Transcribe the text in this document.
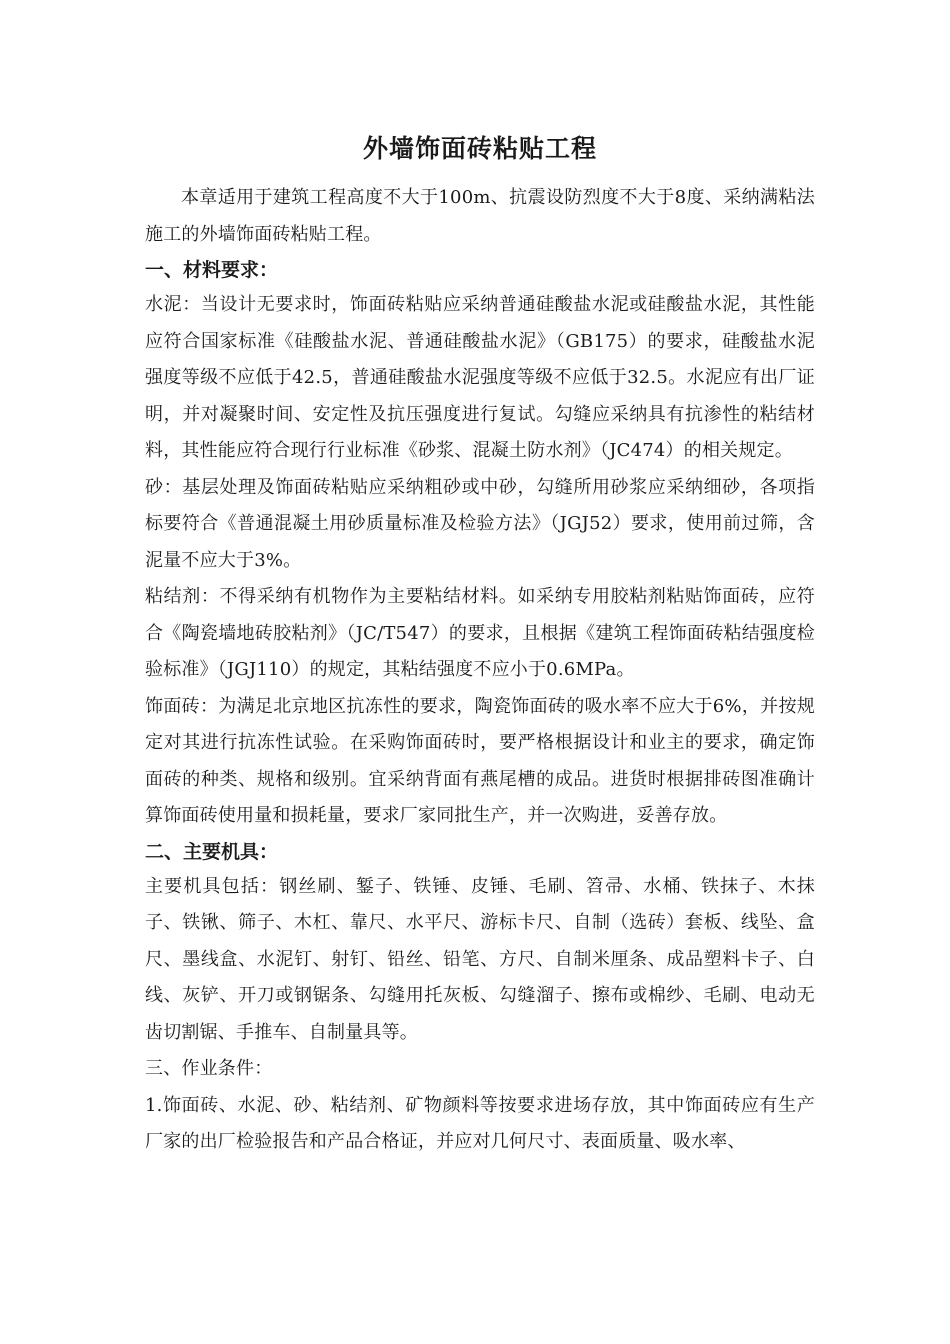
外墙饰面砖粘贴工程

本章适用于建筑工程高度不大于100m、抗震设防烈度不大于8度、采纳满粘法施工的外墙饰面砖粘贴工程。

一、材料要求：

水泥：当设计无要求时，饰面砖粘贴应采纳普通硅酸盐水泥或硅酸盐水泥，其性能应符合国家标准《硅酸盐水泥、普通硅酸盐水泥》（GB175）的要求，硅酸盐水泥强度等级不应低于42.5，普通硅酸盐水泥强度等级不应低于32.5。水泥应有出厂证明，并对凝聚时间、安定性及抗压强度进行复试。勾缝应采纳具有抗渗性的粘结材料，其性能应符合现行行业标准《砂浆、混凝土防水剂》（JC474）的相关规定。

砂：基层处理及饰面砖粘贴应采纳粗砂或中砂，勾缝所用砂浆应采纳细砂，各项指标要符合《普通混凝土用砂质量标准及检验方法》（JGJ52）要求，使用前过筛，含泥量不应大于3%。

粘结剂：不得采纳有机物作为主要粘结材料。如采纳专用胶粘剂粘贴饰面砖，应符合《陶瓷墙地砖胶粘剂》（JC/T547）的要求，且根据《建筑工程饰面砖粘结强度检验标准》（JGJ110）的规定，其粘结强度不应小于0.6MPa。

饰面砖：为满足北京地区抗冻性的要求，陶瓷饰面砖的吸水率不应大于6%，并按规定对其进行抗冻性试验。在采购饰面砖时，要严格根据设计和业主的要求，确定饰面砖的种类、规格和级别。宜采纳背面有燕尾槽的成品。进货时根据排砖图准确计算饰面砖使用量和损耗量，要求厂家同批生产，并一次购进，妥善存放。

二、主要机具：

主要机具包括：钢丝刷、錾子、铁锤、皮锤、毛刷、笤帚、水桶、铁抹子、木抹子、铁锹、筛子、木杠、靠尺、水平尺、游标卡尺、自制（选砖）套板、线坠、盒尺、墨线盒、水泥钉、射钉、铅丝、铅笔、方尺、自制米厘条、成品塑料卡子、白线、灰铲、开刀或钢锯条、勾缝用托灰板、勾缝溜子、擦布或棉纱、毛刷、电动无齿切割锯、手推车、自制量具等。

三、作业条件：

1.饰面砖、水泥、砂、粘结剂、矿物颜料等按要求进场存放，其中饰面砖应有生产厂家的出厂检验报告和产品合格证，并应对几何尺寸、表面质量、吸水率、
